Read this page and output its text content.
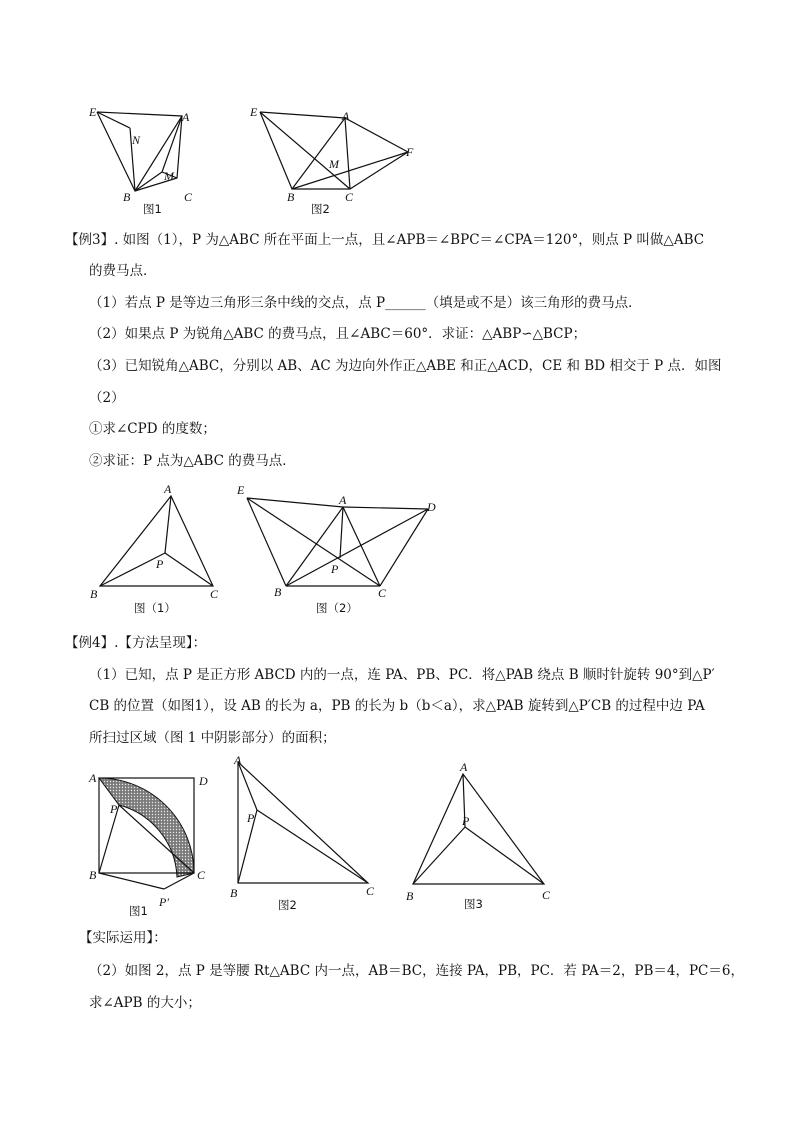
E	A
N
M
B	C
图1
E	A
M
F
B	C
图2
【例3】. 如图（1），P 为△ABC 所在平面上一点，且∠APB＝∠BPC＝∠CPA＝120°，则点 P 叫做△ABC
的费马点．
（1）若点 P 是等边三角形三条中线的交点，点 P______（填是或不是）该三角形的费马点．
（2）如果点 P 为锐角△ABC 的费马点，且∠ABC＝60°．求证：△ABP∽△BCP；
（3）已知锐角△ABC，分别以 AB、AC 为边向外作正△ABE 和正△ACD，CE 和 BD 相交于 P 点．如图
（2）
①求∠CPD 的度数；
②求证：P 点为△ABC 的费马点．
A
P
B	C
图（1）
E
A	D
P
B	C
图（2）
【例4】.【方法呈现】：
（1）已知，点 P 是正方形 ABCD 内的一点，连 PA、PB、PC．将△PAB 绕点 B 顺时针旋转 90°到△P′
CB 的位置（如图1），设 AB 的长为 a，PB 的长为 b（b＜a），求△PAB 旋转到△P′CB 的过程中边 PA
所扫过区域（图 1 中阴影部分）的面积；
A	D
P
B	C
P′
图1
A
P
B	C
图2
A
P
B	C
图3
【实际运用】：
（2）如图 2，点 P 是等腰 Rt△ABC 内一点，AB＝BC，连接 PA，PB，PC．若 PA＝2，PB＝4，PC＝6，
求∠APB 的大小；
